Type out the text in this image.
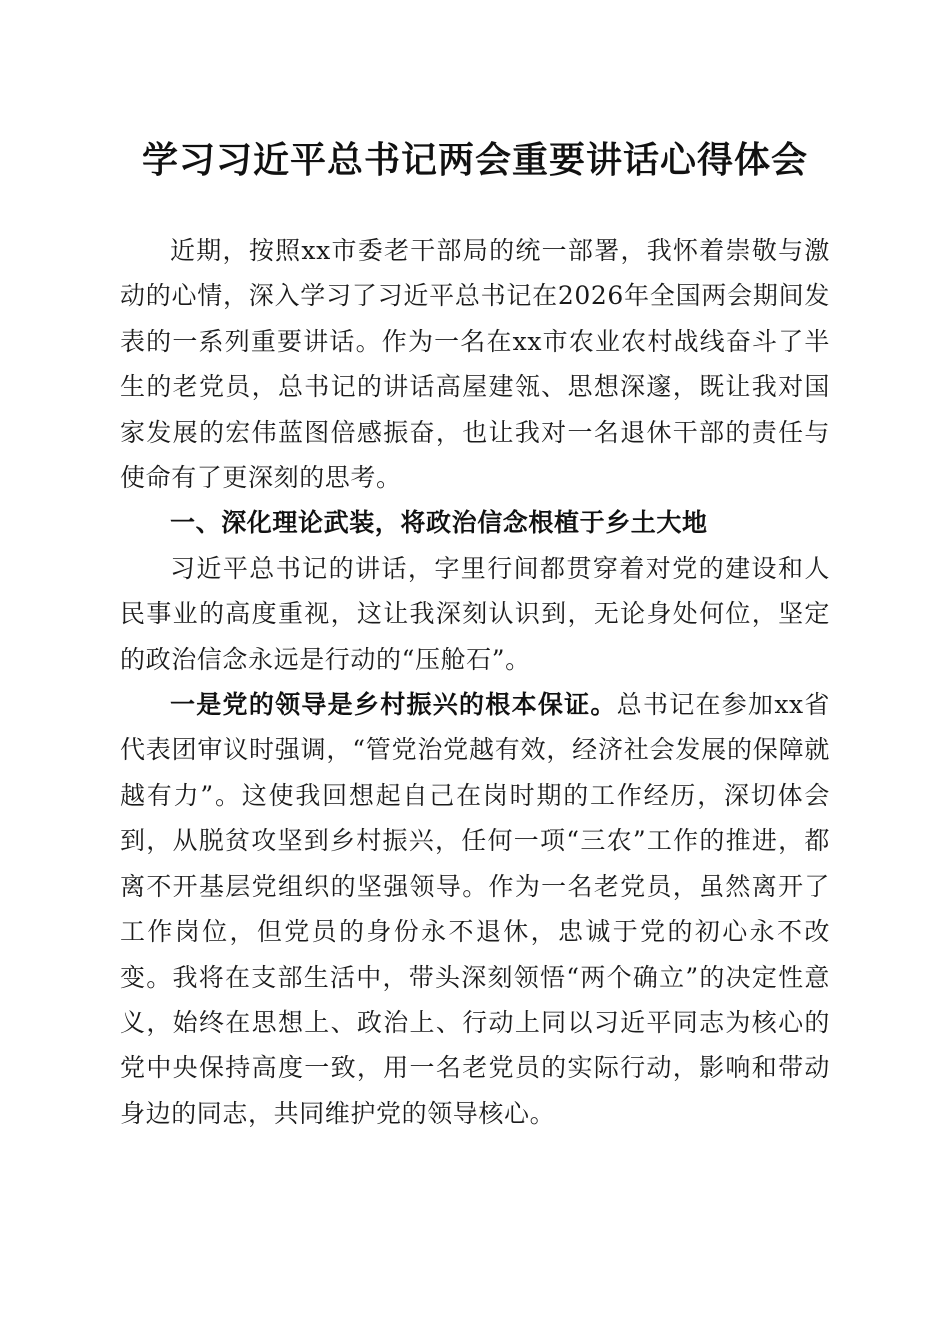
学习习近平总书记两会重要讲话心得体会

近期，按照xx市委老干部局的统一部署，我怀着崇敬与激动的心情，深入学习了习近平总书记在2026年全国两会期间发表的一系列重要讲话。作为一名在xx市农业农村战线奋斗了半生的老党员，总书记的讲话高屋建瓴、思想深邃，既让我对国家发展的宏伟蓝图倍感振奋，也让我对一名退休干部的责任与使命有了更深刻的思考。

一、深化理论武装，将政治信念根植于乡土大地

习近平总书记的讲话，字里行间都贯穿着对党的建设和人民事业的高度重视，这让我深刻认识到，无论身处何位，坚定的政治信念永远是行动的“压舱石”。

一是党的领导是乡村振兴的根本保证。总书记在参加xx省代表团审议时强调，“管党治党越有效，经济社会发展的保障就越有力”。这使我回想起自己在岗时期的工作经历，深切体会到，从脱贫攻坚到乡村振兴，任何一项“三农”工作的推进，都离不开基层党组织的坚强领导。作为一名老党员，虽然离开了工作岗位，但党员的身份永不退休，忠诚于党的初心永不改变。我将在支部生活中，带头深刻领悟“两个确立”的决定性意义，始终在思想上、政治上、行动上同以习近平同志为核心的党中央保持高度一致，用一名老党员的实际行动，影响和带动身边的同志，共同维护党的领导核心。
